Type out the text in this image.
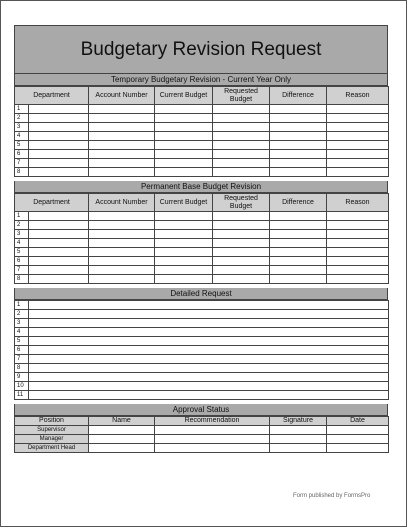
Budgetary Revision Request
Temporary Budgetary Revision - Current Year Only
Department	Account Number	Current Budget	Requested Budget	Difference	Reason

1					

2					

3					

4					

5					

6					

7					

8					

Permanent Base Budget Revision
Department	Account Number	Current Budget	Requested Budget	Difference	Reason

1					

2					

3					

4					

5					

6					

7					

8					

Detailed Request
1	
2	
3	
4	
5	
6	
7	
8	
9	
10	
11	
Approval Status
Position	Name	Recommendation	Signature	Date
Supervisor				
Manager				
Department Head				
Form published by FormsPro
